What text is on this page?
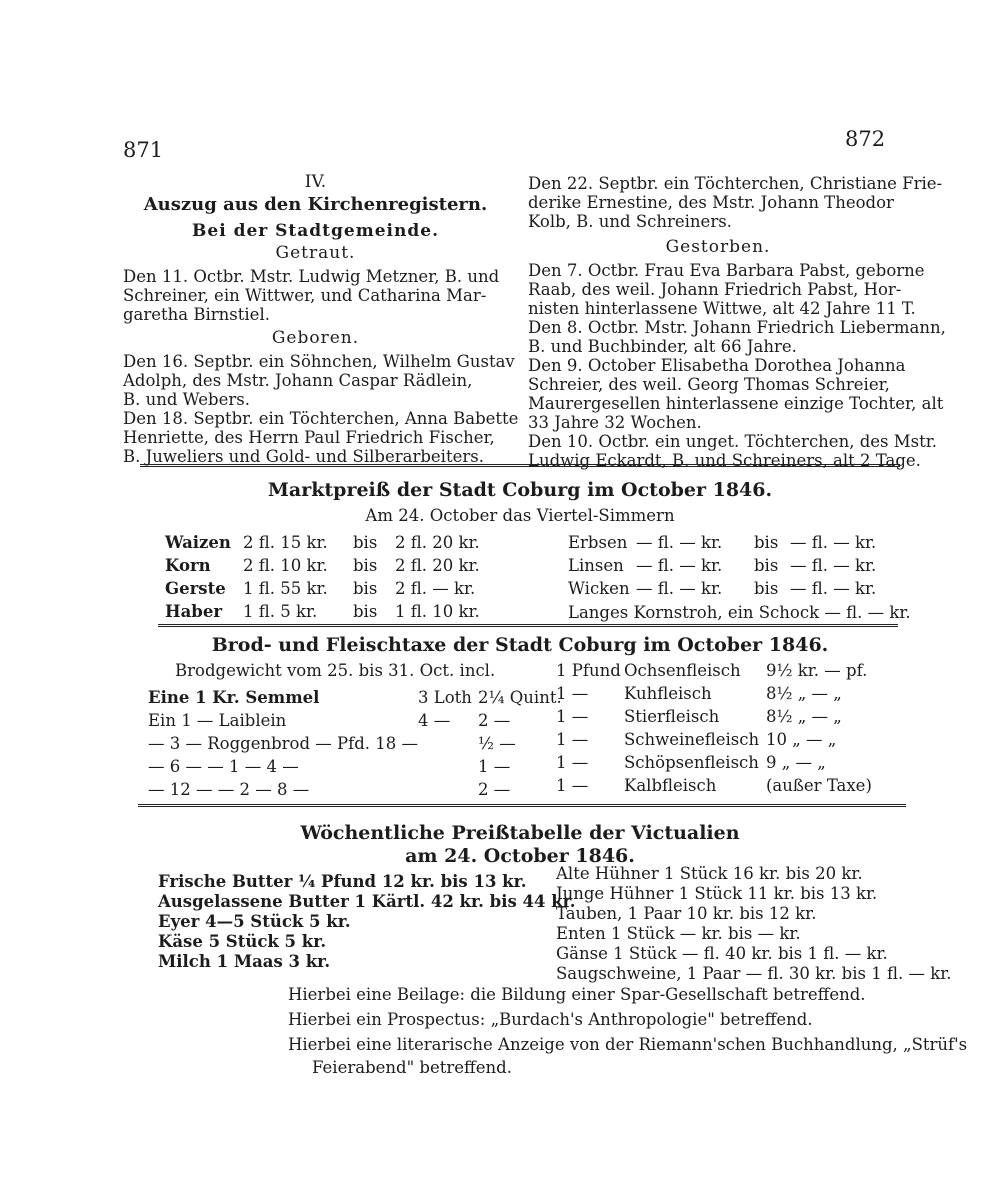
871	872
IV.
Auszug aus den Kirchenregistern.
Bei der Stadtgemeinde.
Getraut.
Den 11. Octbr. Mstr. Ludwig Metzner, B. und
Schreiner, ein Wittwer, und Catharina Mar-
garetha Birnstiel.
Geboren.
Den 16. Septbr. ein Söhnchen, Wilhelm Gustav
Adolph, des Mstr. Johann Caspar Rädlein,
B. und Webers.
Den 18. Septbr. ein Töchterchen, Anna Babette
Henriette, des Herrn Paul Friedrich Fischer,
B. Juweliers und Gold- und Silberarbeiters.
Den 22. Septbr. ein Töchterchen, Christiane Frie-
derike Ernestine, des Mstr. Johann Theodor
Kolb, B. und Schreiners.
Gestorben.
Den 7. Octbr. Frau Eva Barbara Pabst, geborne
Raab, des weil. Johann Friedrich Pabst, Hor-
nisten hinterlassene Wittwe, alt 42 Jahre 11 T.
Den 8. Octbr. Mstr. Johann Friedrich Liebermann,
B. und Buchbinder, alt 66 Jahre.
Den 9. October Elisabetha Dorothea Johanna
Schreier, des weil. Georg Thomas Schreier,
Maurergesellen hinterlassene einzige Tochter, alt
33 Jahre 32 Wochen.
Den 10. Octbr. ein unget. Töchterchen, des Mstr.
Ludwig Eckardt, B. und Schreiners, alt 2 Tage.
Marktpreiß der Stadt Coburg im October 1846.
Am 24. October das Viertel-Simmern
Waizen	2 fl. 15 kr.	bis	2 fl. 20 kr.
Korn	2 fl. 10 kr.	bis	2 fl. 20 kr.
Gerste	1 fl. 55 kr.	bis	2 fl. — kr.
Haber	1 fl. 5 kr.	bis	1 fl. 10 kr.
Erbsen	— fl. — kr.	bis	— fl. — kr.
Linsen	— fl. — kr.	bis	— fl. — kr.
Wicken	— fl. — kr.	bis	— fl. — kr.
Langes Kornstroh, ein Schock — fl. — kr.
Brod- und Fleischtaxe der Stadt Coburg im October 1846.
Brodgewicht vom 25. bis 31. Oct. incl.
Eine 1 Kr. Semmel	3 Loth	2¼ Quint.
Ein 1 — Laiblein	4 —	2 —
— 3 — Roggenbrod — Pfd. 18 —		½ —
— 6 — — 1 — 4 —		1 —
— 12 — — 2 — 8 —		2 —
1 Pfund	Ochsenfleisch	9½ kr. — pf.
1 —	Kuhfleisch	8½ „ — „
1 —	Stierfleisch	8½ „ — „
1 —	Schweinefleisch	10 „ — „
1 —	Schöpsenfleisch	9 „ — „
1 —	Kalbfleisch	(außer Taxe)
Wöchentliche Preißtabelle der Victualien
am 24. October 1846.
Frische Butter ¼ Pfund 12 kr. bis 13 kr.
Ausgelassene Butter 1 Kärtl. 42 kr. bis 44 kr.
Eyer 4—5 Stück 5 kr.
Käse 5 Stück 5 kr.
Milch 1 Maas 3 kr.
Alte Hühner 1 Stück 16 kr. bis 20 kr.
Junge Hühner 1 Stück 11 kr. bis 13 kr.
Tauben, 1 Paar 10 kr. bis 12 kr.
Enten 1 Stück — kr. bis — kr.
Gänse 1 Stück — fl. 40 kr. bis 1 fl. — kr.
Saugschweine, 1 Paar — fl. 30 kr. bis 1 fl. — kr.
Hierbei eine Beilage: die Bildung einer Spar-Gesellschaft betreffend.
Hierbei ein Prospectus: „Burdach's Anthropologie" betreffend.
Hierbei eine literarische Anzeige von der Riemann'schen Buchhandlung, „Strüf's
Feierabend" betreffend.
